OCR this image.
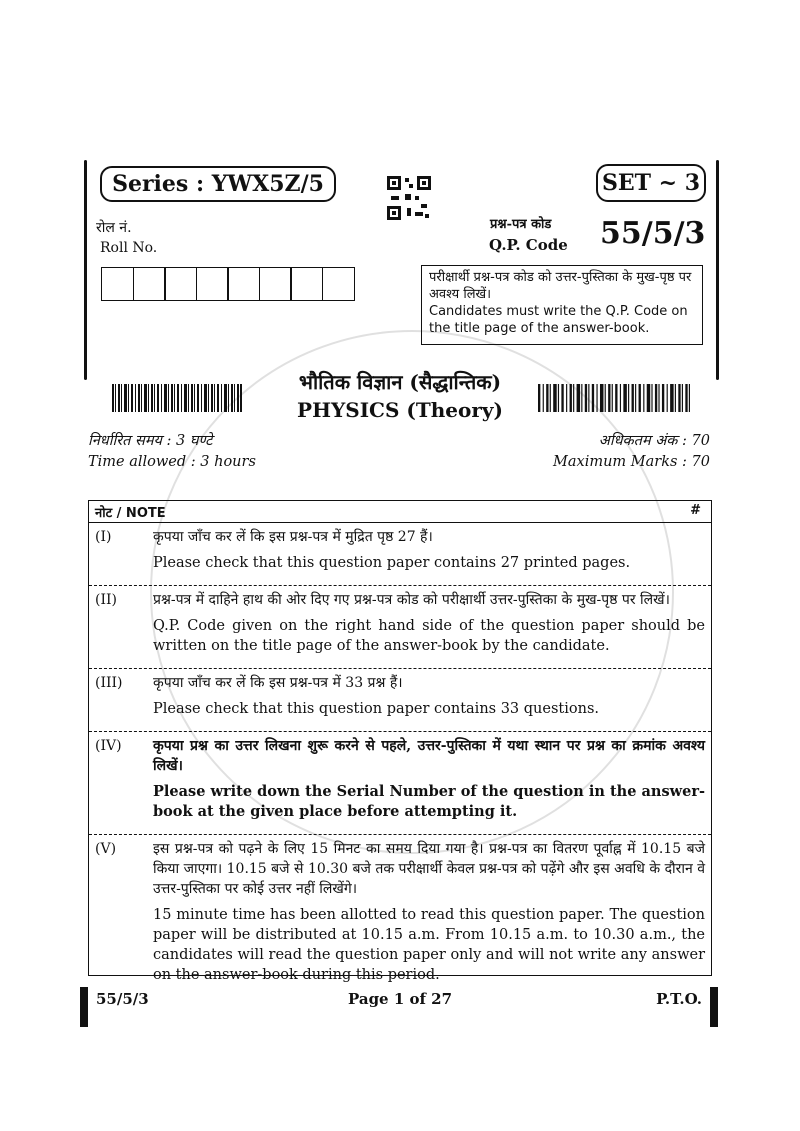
Series : YWX5Z/5	SET ~ 3
रोल नं.
Roll No.
प्रश्न-पत्र कोड
Q.P. Code 55/5/3
परीक्षार्थी प्रश्न-पत्र कोड को उत्तर-पुस्तिका के मुख-पृष्ठ पर अवश्य लिखें।
Candidates must write the Q.P. Code on the title page of the answer-book.
भौतिक विज्ञान (सैद्धान्तिक)
PHYSICS (Theory)
निर्धारित समय : 3 घण्टे
Time allowed : 3 hours
अधिकतम अंक : 70
Maximum Marks : 70
नोट / NOTE	#
(I)	कृपया जाँच कर लें कि इस प्रश्न-पत्र में मुद्रित पृष्ठ 27 हैं।

Please check that this question paper contains 27 printed pages.

(II)	प्रश्न-पत्र में दाहिने हाथ की ओर दिए गए प्रश्न-पत्र कोड को परीक्षार्थी उत्तर-पुस्तिका के मुख-पृष्ठ पर लिखें।

Q.P. Code given on the right hand side of the question paper should be written on the title page of the answer-book by the candidate.

(III) कृपया जाँच कर लें कि इस प्रश्न-पत्र में 33 प्रश्न हैं।

Please check that this question paper contains 33 questions.

(IV) कृपया प्रश्न का उत्तर लिखना शुरू करने से पहले, उत्तर-पुस्तिका में यथा स्थान पर प्रश्न का क्रमांक अवश्य लिखें।

Please write down the Serial Number of the question in the answer-book at the given place before attempting it.

(V)	इस प्रश्न-पत्र को पढ़ने के लिए 15 मिनट का समय दिया गया है। प्रश्न-पत्र का वितरण पूर्वाह्न में 10.15 बजे किया जाएगा। 10.15 बजे से 10.30 बजे तक परीक्षार्थी केवल प्रश्न-पत्र को पढ़ेंगे और इस अवधि के दौरान वे उत्तर-पुस्तिका पर कोई उत्तर नहीं लिखेंगे।

15 minute time has been allotted to read this question paper. The question paper will be distributed at 10.15 a.m. From 10.15 a.m. to 10.30 a.m., the candidates will read the question paper only and will not write any answer on the answer-book during this period.

55/5/3	Page 1 of 27	P.T.O.
